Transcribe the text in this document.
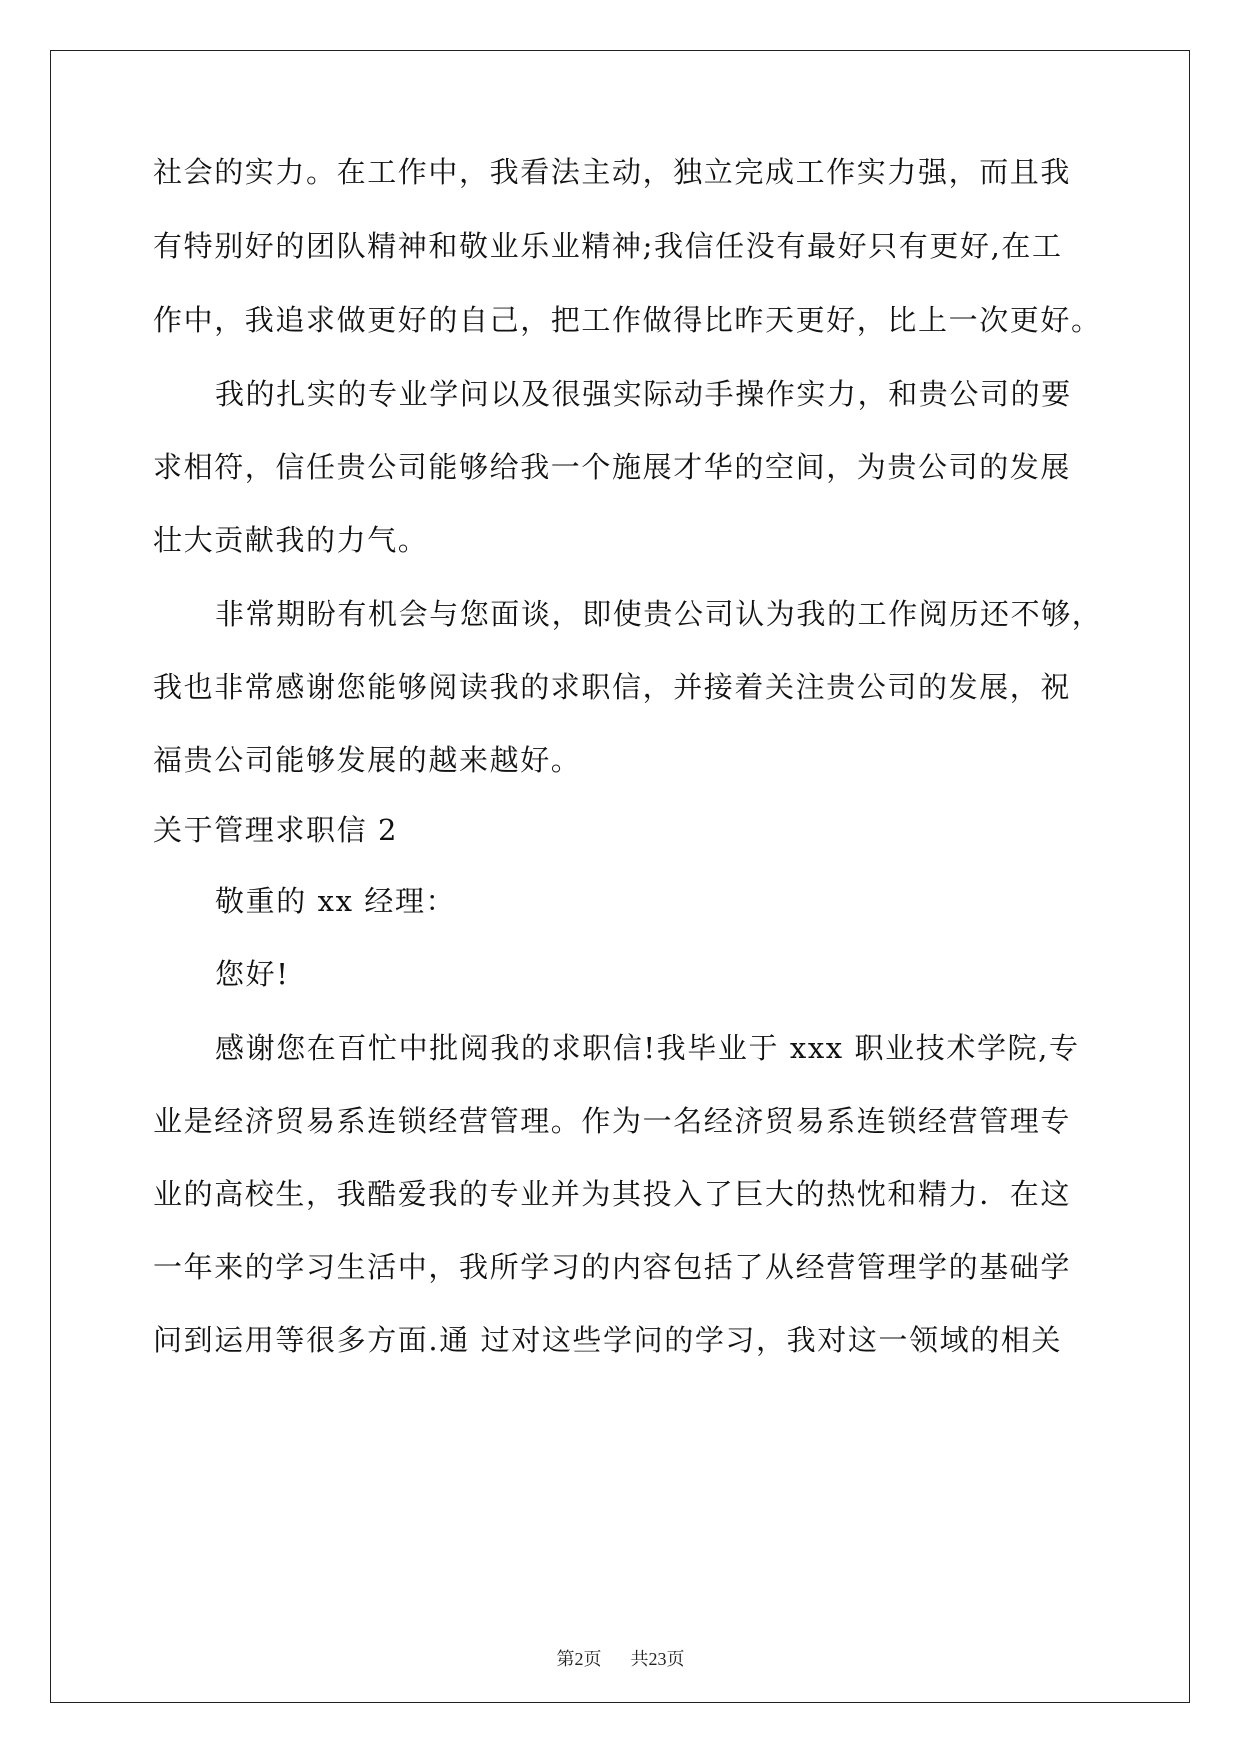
社会的实力。在工作中，我看法主动，独立完成工作实力强，而且我
有特别好的团队精神和敬业乐业精神;我信任没有最好只有更好,在工
作中，我追求做更好的自己，把工作做得比昨天更好，比上一次更好。
我的扎实的专业学问以及很强实际动手操作实力，和贵公司的要
求相符，信任贵公司能够给我一个施展才华的空间，为贵公司的发展
壮大贡献我的力气。
非常期盼有机会与您面谈，即使贵公司认为我的工作阅历还不够，
我也非常感谢您能够阅读我的求职信，并接着关注贵公司的发展，祝
福贵公司能够发展的越来越好。
关于管理求职信 2
敬重的 xx 经理：
您好!
感谢您在百忙中批阅我的求职信!我毕业于 xxx 职业技术学院,专
业是经济贸易系连锁经营管理。作为一名经济贸易系连锁经营管理专
业的高校生，我酷爱我的专业并为其投入了巨大的热忱和精力．在这
一年来的学习生活中，我所学习的内容包括了从经营管理学的基础学
问到运用等很多方面.通 过对这些学问的学习，我对这一领域的相关
第2页 共23页
